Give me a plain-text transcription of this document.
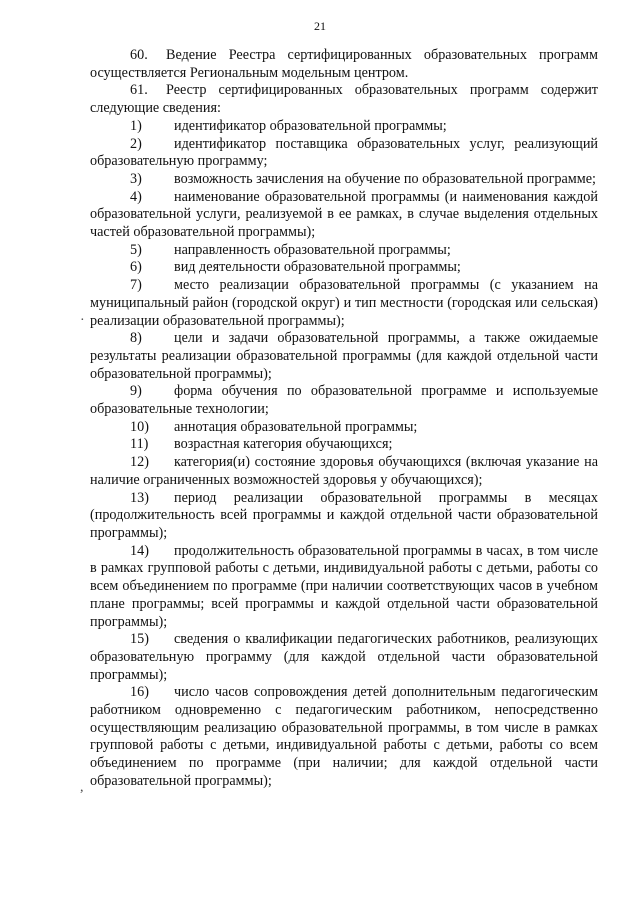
21

60. Ведение Реестра сертифицированных образовательных программ осуществляется Региональным модельным центром.

61. Реестр сертифицированных образовательных программ содержит следующие сведения:

1) идентификатор образовательной программы;

2) идентификатор поставщика образовательных услуг, реализующий образовательную программу;

3) возможность зачисления на обучение по образовательной программе;

4) наименование образовательной программы (и наименования каждой образовательной услуги, реализуемой в ее рамках, в случае выделения отдельных частей образовательной программы);

5) направленность образовательной программы;

6) вид деятельности образовательной программы;

7) место реализации образовательной программы (с указанием на муниципальный район (городской округ) и тип местности (городская или сельская) реализации образовательной программы);

8) цели и задачи образовательной программы, а также ожидаемые результаты реализации образовательной программы (для каждой отдельной части образовательной программы);

9) форма обучения по образовательной программе и используемые образовательные технологии;

10) аннотация образовательной программы;

11) возрастная категория обучающихся;

12) категория(и) состояние здоровья обучающихся (включая указание на наличие ограниченных возможностей здоровья у обучающихся);

13) период реализации образовательной программы в месяцах (продолжительность всей программы и каждой отдельной части образовательной программы);

14) продолжительность образовательной программы в часах, в том числе в рамках групповой работы с детьми, индивидуальной работы с детьми, работы со всем объединением по программе (при наличии соответствующих часов в учебном плане программы; всей программы и каждой отдельной части образовательной программы);

15) сведения о квалификации педагогических работников, реализующих образовательную программу (для каждой отдельной части образовательной программы);

16) число часов сопровождения детей дополнительным педагогическим работником одновременно с педагогическим работником, непосредственно осуществляющим реализацию образовательной программы, в том числе в рамках групповой работы с детьми, индивидуальной работы с детьми, работы со всем объединением по программе (при наличии; для каждой отдельной части образовательной программы);

·
,
